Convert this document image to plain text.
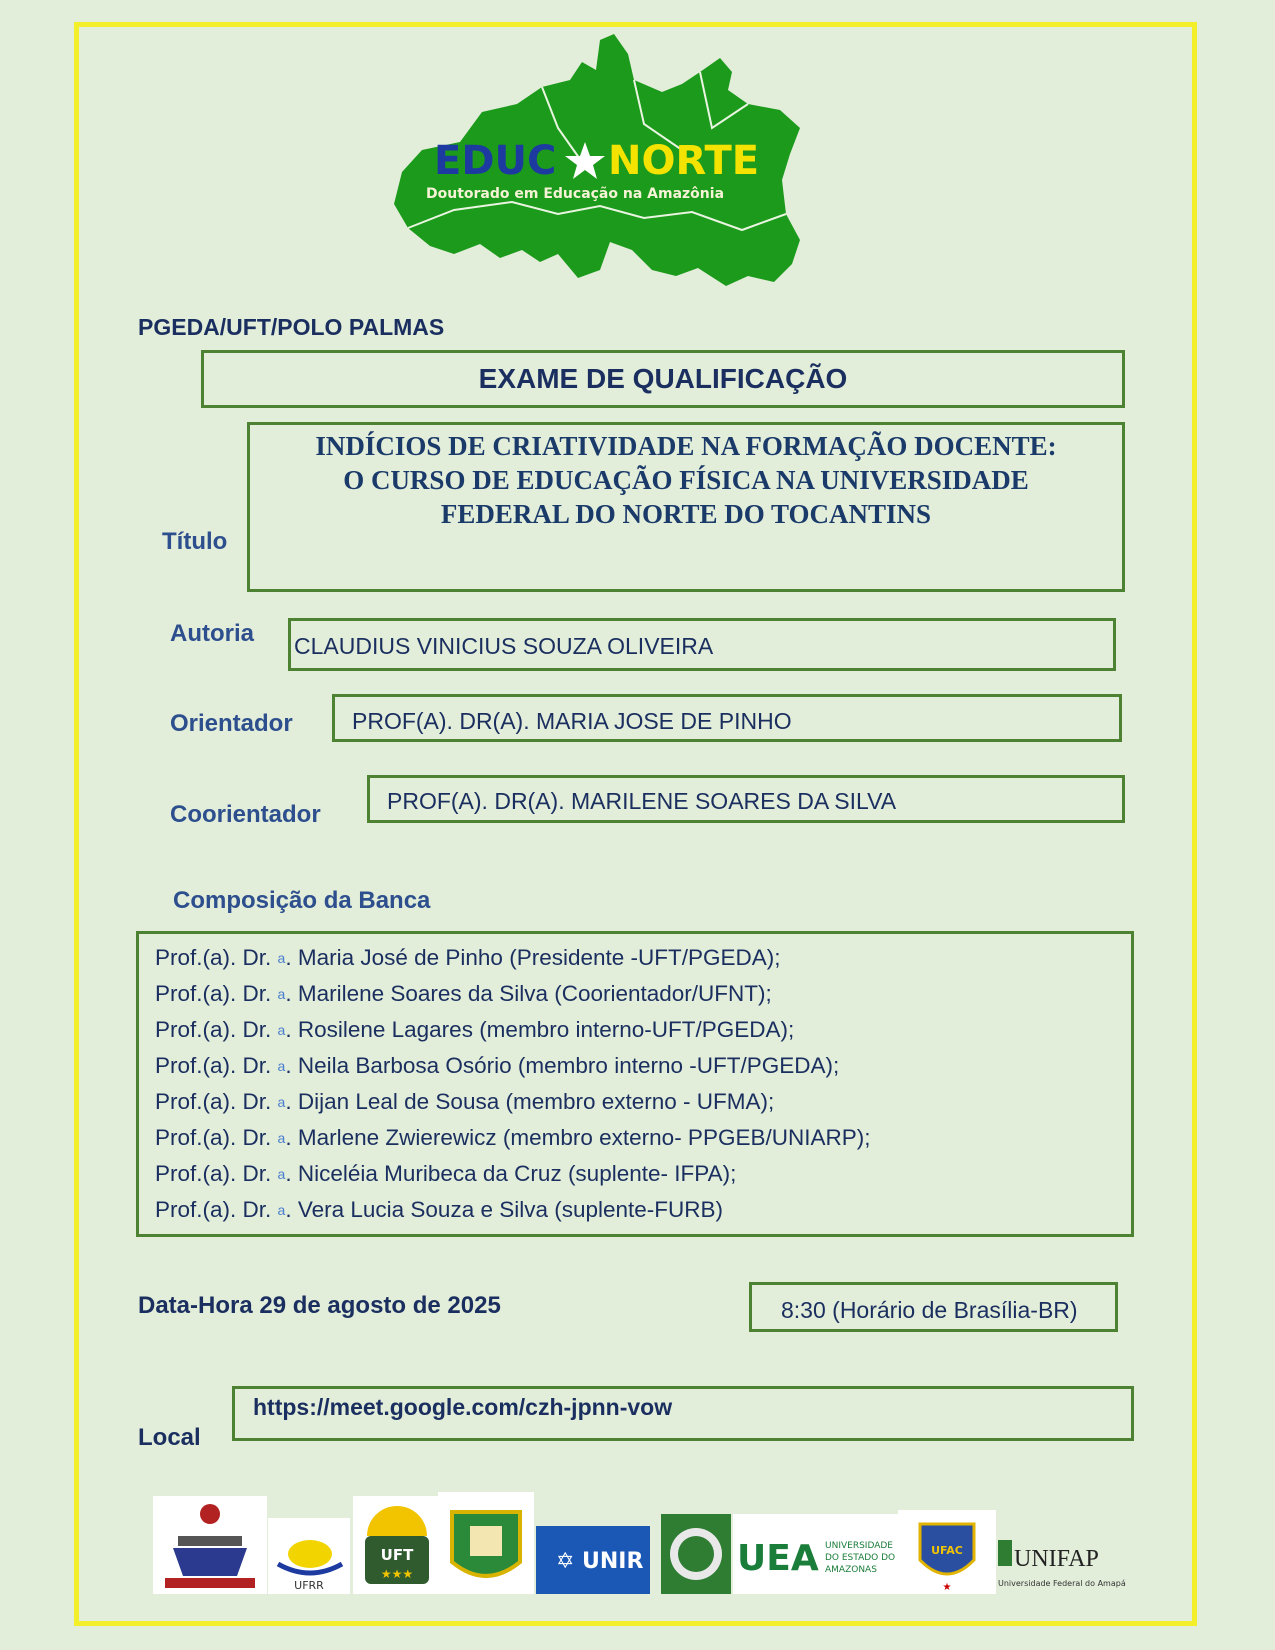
EDUC NORTE
Doutorado em Educação na Amazônia
PGEDA/UFT/POLO PALMAS
EXAME DE QUALIFICAÇÃO
Título
INDÍCIOS DE CRIATIVIDADE NA FORMAÇÃO DOCENTE:
O CURSO DE EDUCAÇÃO FÍSICA NA UNIVERSIDADE
FEDERAL DO NORTE DO TOCANTINS
Autoria CLAUDIUS VINICIUS SOUZA OLIVEIRA
Orientador	PROF(A). DR(A). MARIA JOSE DE PINHO
Coorientador	PROF(A). DR(A). MARILENE SOARES DA SILVA
Composição da Banca

Prof.(a). Dr. $^a$. Maria José de Pinho (Presidente -UFT/PGEDA);

Prof.(a). Dr. $^a$. Marilene Soares da Silva (Coorientador/UFNT);

Prof.(a). Dr. $^a$. Rosilene Lagares (membro interno-UFT/PGEDA);

Prof.(a). Dr. $^a$. Neila Barbosa Osório (membro interno -UFT/PGEDA);

Prof.(a). Dr. $^a$. Dijan Leal de Sousa (membro externo - UFMA);

Prof.(a). Dr. $^a$. Marlene Zwierewicz (membro externo- PPGEB/UNIARP);

Prof.(a). Dr. $^a$. Niceléia Muribeca da Cruz (suplente- IFPA);

Prof.(a). Dr. $^a$. Vera Lucia Souza e Silva (suplente-FURB)

Data-Hora 29 de agosto de 2025	8:30 (Horário de Brasília-BR)
Local
https://meet.google.com/czh-jpnn-vow
UFRR
UFT
★★★	✡ UNIR	UEA UNIVERSIDADE
DO ESTADO DO
AMAZONAS
UFAC
★
UNIFAP
Universidade Federal do Amapá
